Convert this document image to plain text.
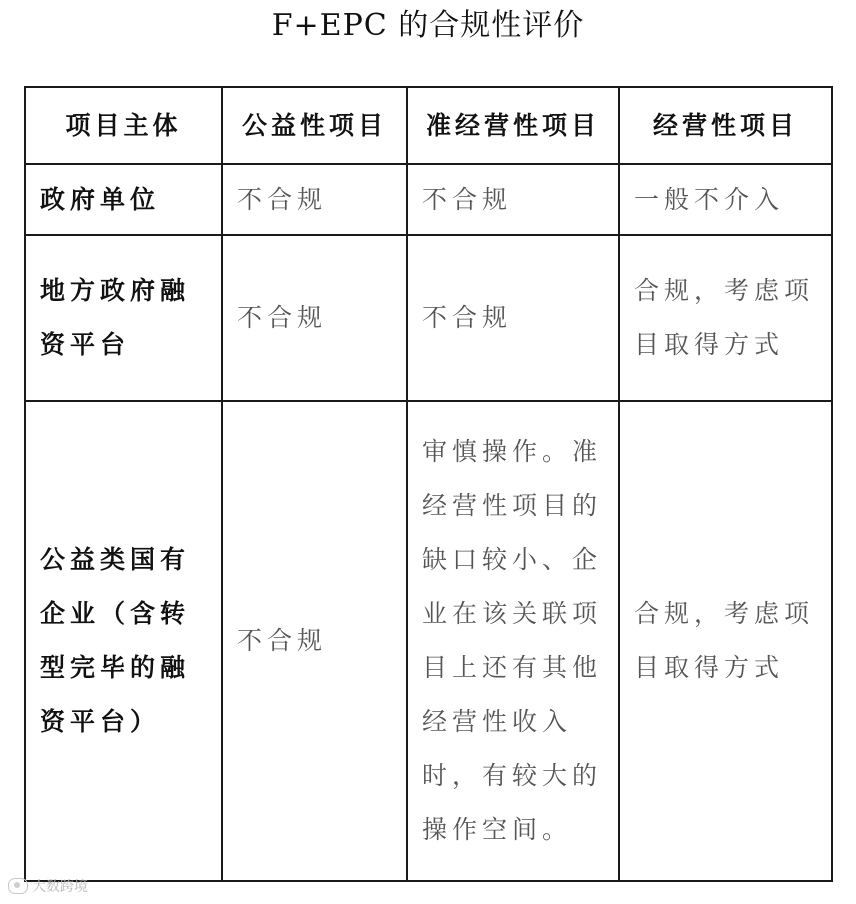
F+EPC 的合规性评价
项目主体	公益性项目	准经营性项目	经营性项目
政府单位	不合规	不合规	一般不介入
地方政府融资平台	不合规	不合规	合规，考虑项目取得方式
公益类国有企业（含转型完毕的融资平台）	不合规	审慎操作。准经营性项目的缺口较小、企业在该关联项目上还有其他经营性收入时，有较大的操作空间。	合规，考虑项目取得方式
大数跨境
